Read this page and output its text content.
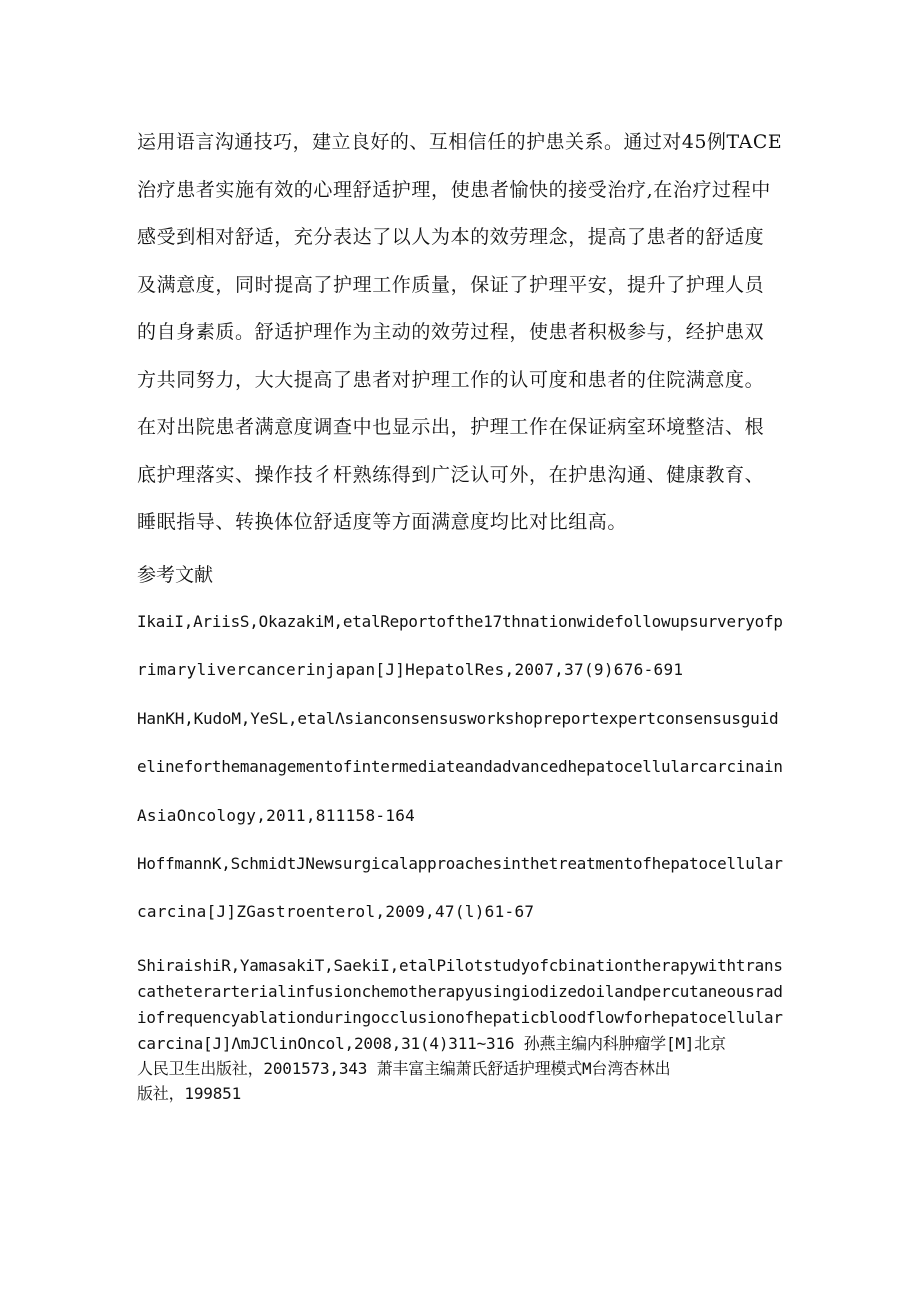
运用语言沟通技巧，建立良好的、互相信任的护患关系。通过对45例TACE
治疗患者实施有效的心理舒适护理，使患者愉快的接受治疗,在治疗过程中
感受到相对舒适，充分表达了以人为本的效劳理念，提高了患者的舒适度
及满意度，同时提高了护理工作质量，保证了护理平安，提升了护理人员
的自身素质。舒适护理作为主动的效劳过程，使患者积极参与，经护患双
方共同努力，大大提高了患者对护理工作的认可度和患者的住院满意度。
在对出院患者满意度调查中也显示出，护理工作在保证病室环境整洁、根
底护理落实、操作技彳杆熟练得到广泛认可外，在护患沟通、健康教育、
睡眠指导、转换体位舒适度等方面满意度均比对比组高。
参考文献
IkaiI,AriisS,OkazakiM,etalReportofthe17thnationwidefollowupsurveryofp
rimarylivercancerinjapan[J]HepatolRes,2007,37(9)676-691
HanKH,KudoM,YeSL,etalΛsianconsensusworkshopreportexpertconsensusguid
elineforthemanagementofintermediateandadvancedhepatocellularcarcinain
AsiaOncology,2011,811158-164
HoffmannK,SchmidtJNewsurgicalapproachesinthetreatmentofhepatocellular
carcina[J]ZGastroenterol,2009,47(l)61-67
ShiraishiR,YamasakiT,SaekiI,etalPilotstudyofcbinationtherapywithtrans
catheterarterialinfusionchemotherapyusingiodizedoilandpercutaneousrad
iofrequencyablationduringocclusionofhepaticbloodflowforhepatocellular
carcina[J]ΛmJClinOncol,2008,31(4)311~316 孙燕主编内科肿瘤学[M]北京
人民卫生出版社，2001573,343 萧丰富主编萧氏舒适护理模式M台湾杏林出
版社，199851
